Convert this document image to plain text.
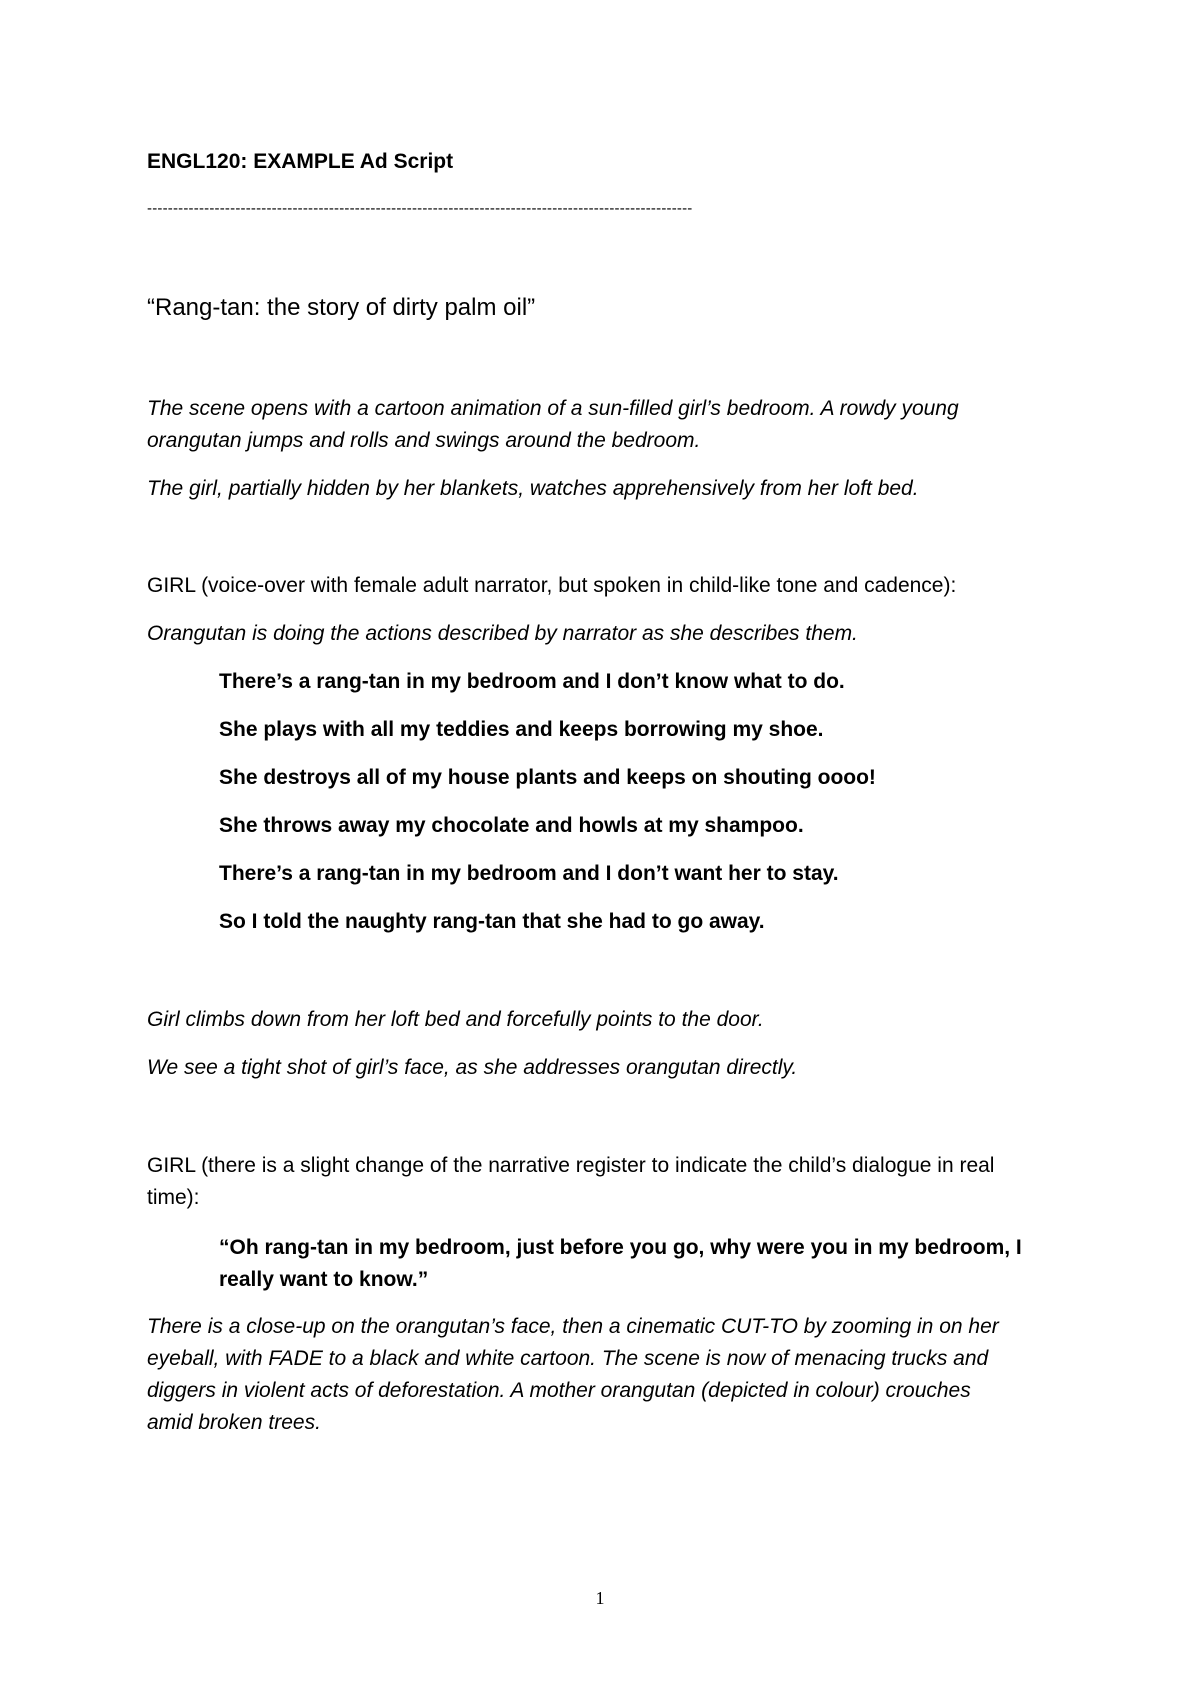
ENGL120: EXAMPLE Ad Script
---------------------------------------------------------------------------------------------------------
“Rang-tan: the story of dirty palm oil”
The scene opens with a cartoon animation of a sun-filled girl’s bedroom. A rowdy young
orangutan jumps and rolls and swings around the bedroom.
The girl, partially hidden by her blankets, watches apprehensively from her loft bed.
GIRL (voice-over with female adult narrator, but spoken in child-like tone and cadence):
Orangutan is doing the actions described by narrator as she describes them.
There’s a rang-tan in my bedroom and I don’t know what to do.
She plays with all my teddies and keeps borrowing my shoe.
She destroys all of my house plants and keeps on shouting oooo!
She throws away my chocolate and howls at my shampoo.
There’s a rang-tan in my bedroom and I don’t want her to stay.
So I told the naughty rang-tan that she had to go away.
Girl climbs down from her loft bed and forcefully points to the door.
We see a tight shot of girl’s face, as she addresses orangutan directly.
GIRL (there is a slight change of the narrative register to indicate the child’s dialogue in real
time):
“Oh rang-tan in my bedroom, just before you go, why were you in my bedroom, I
really want to know.”
There is a close-up on the orangutan’s face, then a cinematic CUT-TO by zooming in on her
eyeball, with FADE to a black and white cartoon. The scene is now of menacing trucks and
diggers in violent acts of deforestation. A mother orangutan (depicted in colour) crouches
amid broken trees.
1
